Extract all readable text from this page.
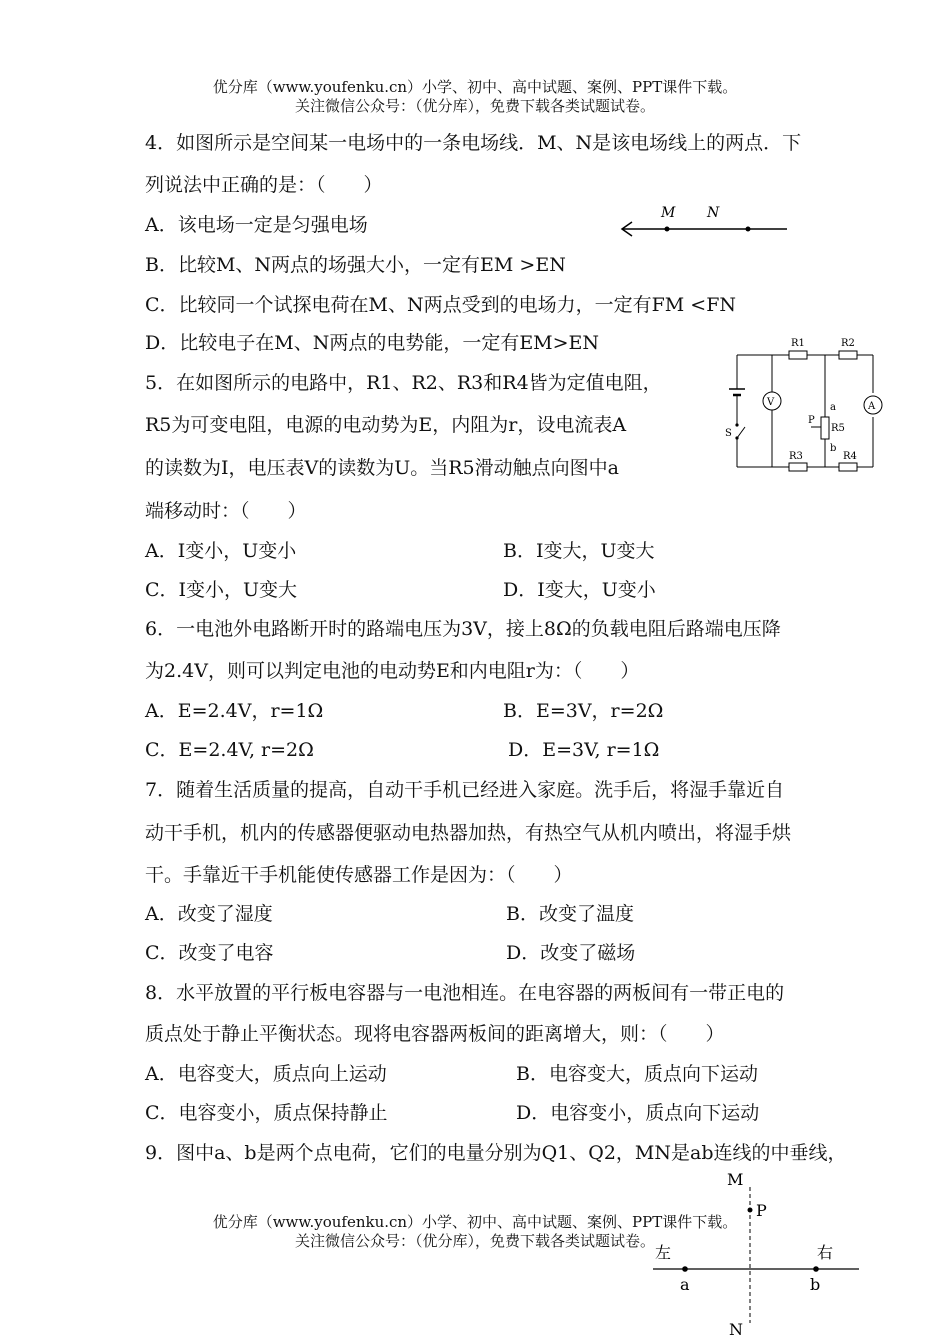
优分库（www.youfenku.cn）小学、初中、高中试题、案例、PPT课件下载。
关注微信公众号：（优分库），免费下载各类试题试卷。
4．如图所示是空间某一电场中的一条电场线．M、N是该电场线上的两点．下
列说法中正确的是：（　　）
A．该电场一定是匀强电场
B．比较M、N两点的场强大小，一定有EM >EN
C．比较同一个试探电荷在M、N两点受到的电场力，一定有FM <FN
D．比较电子在M、N两点的电势能，一定有EM>EN
M N
5．在如图所示的电路中，R1、R2、R3和R4皆为定值电阻，
R5为可变电阻，电源的电动势为E，内阻为r，设电流表A
的读数为I，电压表V的读数为U。当R5滑动触点向图中a
端移动时：（　　）
A．I变小，U变小	B．I变大，U变大
C．I变小，U变大	D．I变大，U变小
V	A
R1	R2
R3	R4
R5
P
a
b
S
6．一电池外电路断开时的路端电压为3V，接上8Ω的负载电阻后路端电压降
为2.4V，则可以判定电池的电动势E和内电阻r为：（　　）
A．E=2.4V，r=1Ω	B．E=3V，r=2Ω
C．E=2.4V, r=2Ω	D．E=3V, r=1Ω
7．随着生活质量的提高，自动干手机已经进入家庭。洗手后，将湿手靠近自
动干手机，机内的传感器便驱动电热器加热，有热空气从机内喷出，将湿手烘
干。手靠近干手机能使传感器工作是因为：（　　）
A．改变了湿度	B．改变了温度
C．改变了电容	D．改变了磁场
8．水平放置的平行板电容器与一电池相连。在电容器的两板间有一带正电的
质点处于静止平衡状态。现将电容器两板间的距离增大，则：（　　）
A．电容变大，质点向上运动	B．电容变大，质点向下运动
C．电容变小，质点保持静止	D．电容变小，质点向下运动
9．图中a、b是两个点电荷，它们的电量分别为Q1、Q2，MN是ab连线的中垂线，
M
P
左	右
a	b
N
优分库（www.youfenku.cn）小学、初中、高中试题、案例、PPT课件下载。
关注微信公众号：（优分库），免费下载各类试题试卷。
